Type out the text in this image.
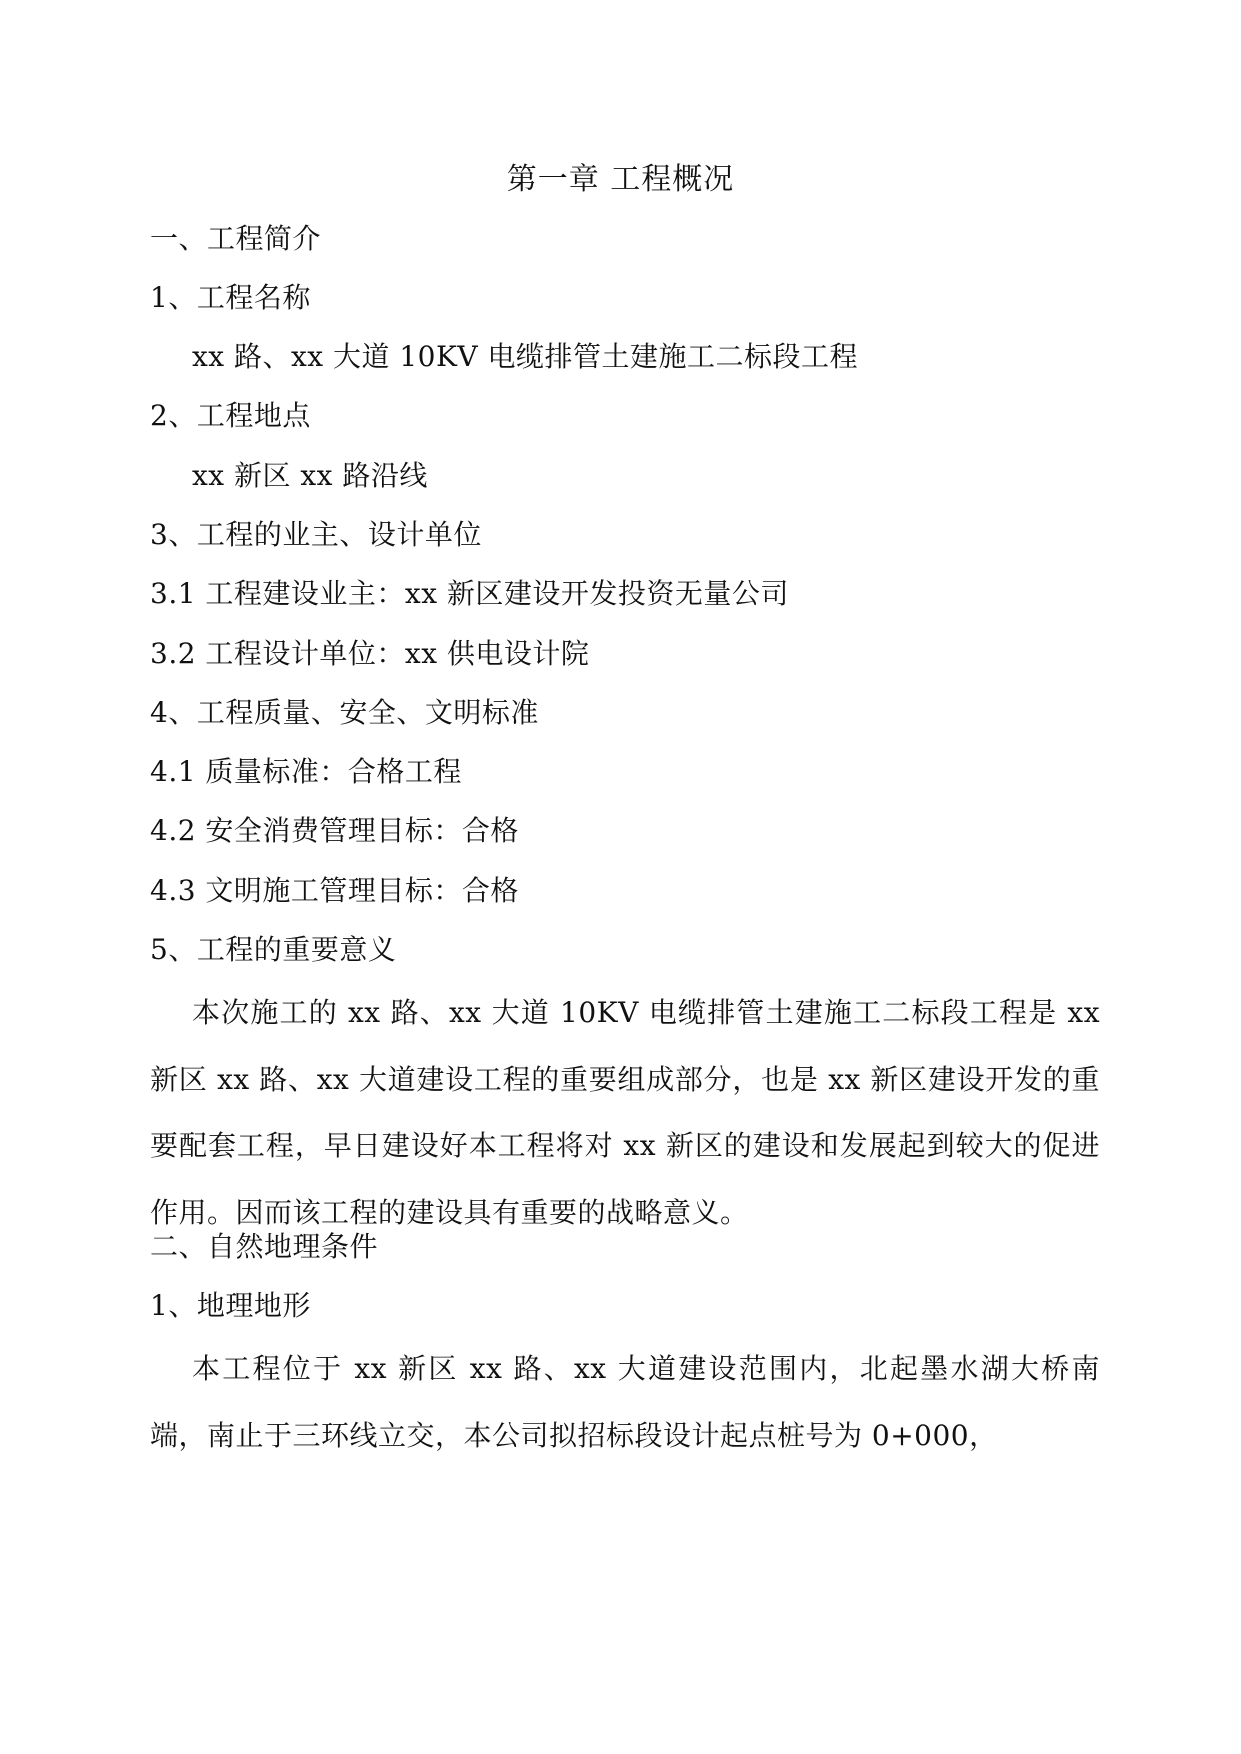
第一章 工程概况
一、工程简介
1、工程名称
xx 路、xx 大道 10KV 电缆排管土建施工二标段工程
2、工程地点
xx 新区 xx 路沿线
3、工程的业主、设计单位
3.1 工程建设业主：xx 新区建设开发投资无量公司
3.2 工程设计单位：xx 供电设计院
4、工程质量、安全、文明标准
4.1 质量标准：合格工程
4.2 安全消费管理目标：合格
4.3 文明施工管理目标：合格
5、工程的重要意义
本次施工的 xx 路、xx 大道 10KV 电缆排管土建施工二标段工程是 xx 新区 xx 路、xx 大道建设工程的重要组成部分，也是 xx 新区建设开发的重要配套工程，早日建设好本工程将对 xx 新区的建设和发展起到较大的促进作用。因而该工程的建设具有重要的战略意义。
二、自然地理条件
1、地理地形
本工程位于 xx 新区 xx 路、xx 大道建设范围内，北起墨水湖大桥南端，南止于三环线立交，本公司拟招标段设计起点桩号为 0+000，
